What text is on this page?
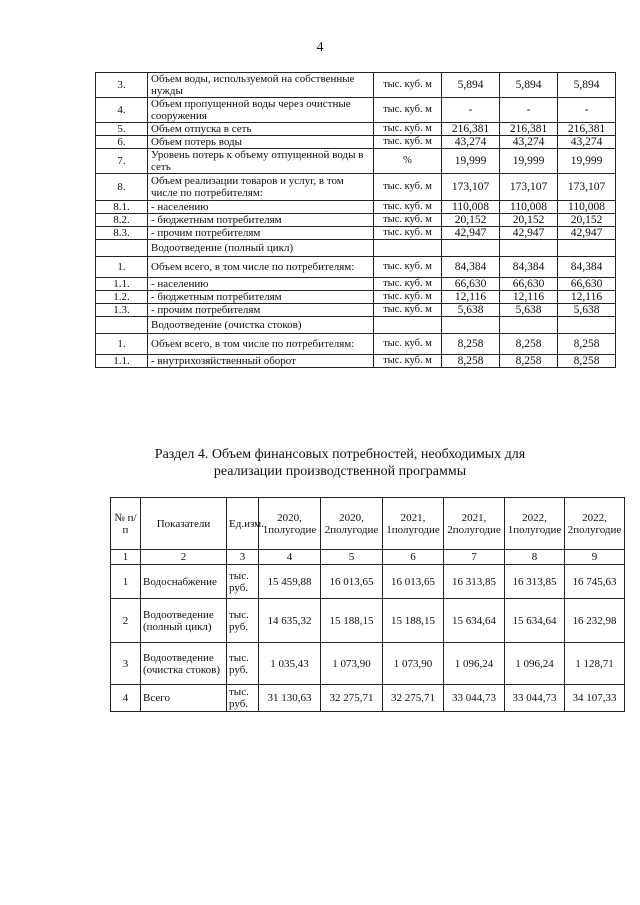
4
3.	Объем воды, используемой на собственные нужды	тыс. куб. м	5,894	5,894	5,894
4.	Объем пропущенной воды через очистные сооружения	тыс. куб. м	-	-	-
5.	Объем отпуска в сеть	тыс. куб. м	216,381	216,381	216,381
6.	Объем потерь воды	тыс. куб. м	43,274	43,274	43,274
7.	Уровень потерь к объему отпущенной воды в сеть	%	19,999	19,999	19,999
8.	Объем реализации товаров и услуг, в том числе по потребителям:	тыс. куб. м	173,107	173,107	173,107
8.1.	- населению	тыс. куб. м	110,008	110,008	110,008
8.2.	- бюджетным потребителям	тыс. куб. м	20,152	20,152	20,152
8.3.	- прочим потребителям	тыс. куб. м	42,947	42,947	42,947
	Водоотведение (полный цикл)				
1.	Объем всего, в том числе по потребителям:	тыс. куб. м	84,384	84,384	84,384
1.1.	- населению	тыс. куб. м	66,630	66,630	66,630
1.2.	- бюджетным потребителям	тыс. куб. м	12,116	12,116	12,116
1.3.	- прочим потребителям	тыс. куб. м	5,638	5,638	5,638
	Водоотведение (очистка стоков)				
1.	Объем всего, в том числе по потребителям:	тыс. куб. м	8,258	8,258	8,258
1.1.	- внутрихозяйственный оборот	тыс. куб. м	8,258	8,258	8,258
Раздел 4. Объем финансовых потребностей, необходимых для реализации производственной программы
№ п/п	Показатели	Ед.изм.	2020, 1полугодие	2020, 2полугодие	2021, 1полугодие	2021, 2полугодие	2022, 1полугодие	2022, 2полугодие
1	2	3	4	5	6	7	8	9
1	Водоснабжение	тыс. руб.	15 459,88	16 013,65	16 013,65	16 313,85	16 313,85	16 745,63
2	Водоотведение (полный цикл)	тыс. руб.	14 635,32	15 188,15	15 188,15	15 634,64	15 634,64	16 232,98
3	Водоотведение (очистка стоков)	тыс. руб.	1 035,43	1 073,90	1 073,90	1 096,24	1 096,24	1 128,71
4	Всего	тыс. руб.	31 130,63	32 275,71	32 275,71	33 044,73	33 044,73	34 107,33
